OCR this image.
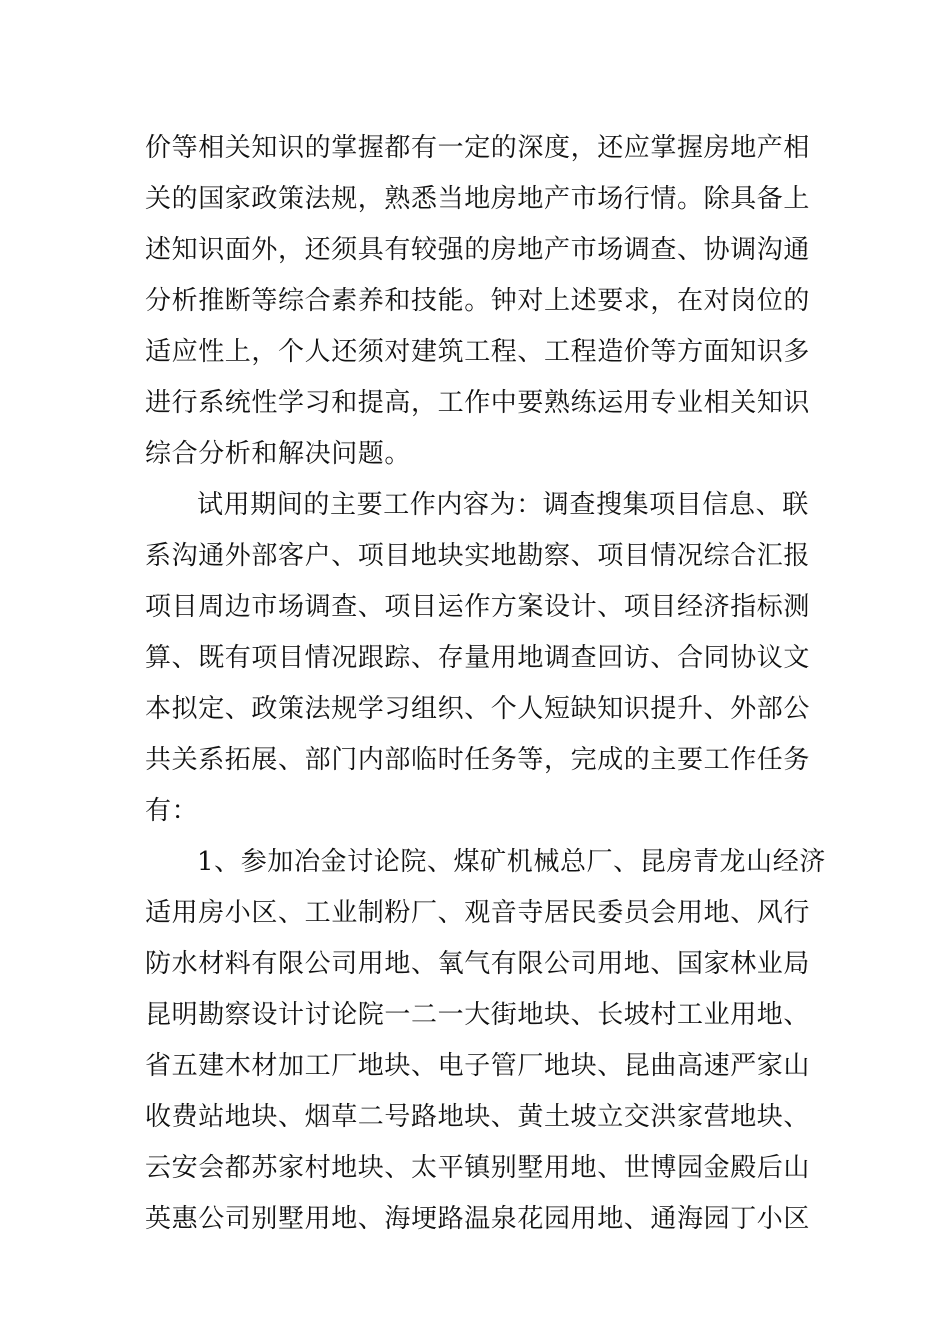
价等相关知识的掌握都有一定的深度，还应掌握房地产相
关的国家政策法规，熟悉当地房地产市场行情。除具备上
述知识面外，还须具有较强的房地产市场调查、协调沟通
分析推断等综合素养和技能。钟对上述要求，在对岗位的
适应性上，个人还须对建筑工程、工程造价等方面知识多
进行系统性学习和提高，工作中要熟练运用专业相关知识
综合分析和解决问题。
试用期间的主要工作内容为：调查搜集项目信息、联
系沟通外部客户、项目地块实地勘察、项目情况综合汇报
项目周边市场调查、项目运作方案设计、项目经济指标测
算、既有项目情况跟踪、存量用地调查回访、合同协议文
本拟定、政策法规学习组织、个人短缺知识提升、外部公
共关系拓展、部门内部临时任务等，完成的主要工作任务
有：
1、参加冶金讨论院、煤矿机械总厂、昆房青龙山经济
适用房小区、工业制粉厂、观音寺居民委员会用地、风行
防水材料有限公司用地、氧气有限公司用地、国家林业局
昆明勘察设计讨论院一二一大街地块、长坡村工业用地、
省五建木材加工厂地块、电子管厂地块、昆曲高速严家山
收费站地块、烟草二号路地块、黄土坡立交洪家营地块、
云安会都苏家村地块、太平镇别墅用地、世博园金殿后山
英惠公司别墅用地、海埂路温泉花园用地、通海园丁小区
